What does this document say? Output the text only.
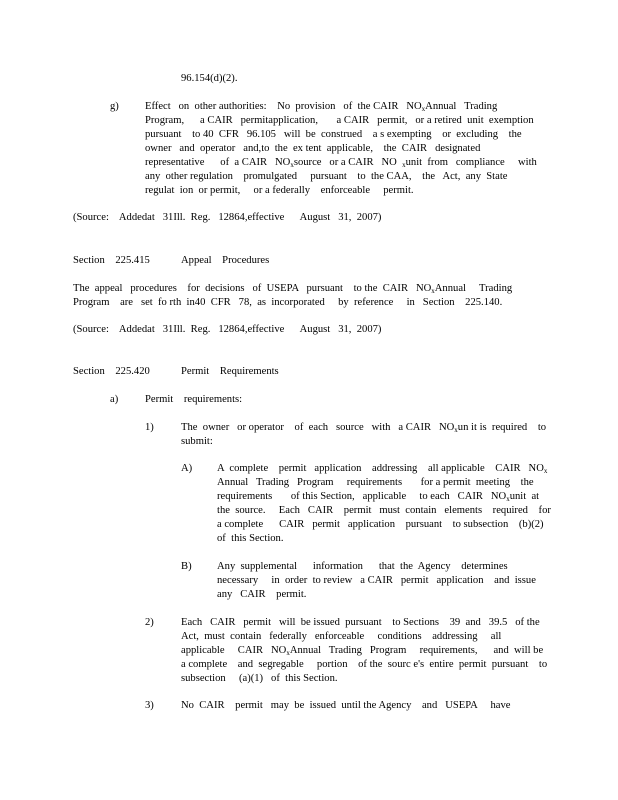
96.154(d)(2).
g) Effect   on  other authorities:    No  provision   of  the CAIR   $NO_xAnnual$   Trading
Program,      a CAIR   permitapplication,       a CAIR   permit,   or a retired  unit  exemption
pursuant    to 40  CFR   96.105   will  be  construed    a s exempting    or  excluding    the
owner   and  operator   and,to  the  ex tent  applicable,    the  CAIR   designated
representative      of  a CAIR   $NO_xsource$   or a CAIR   NO  $_x$unit  from   compliance     with
any  other regulation    promulgated     pursuant    to  the CAA,    the   Act,  any  State
regulat  ion  or permit,     or a federally    enforceable     permit.
(Source:    Addedat   31Ill.  Reg.   12864,effective      August   31,  2007)
Section    225.415	Appeal    Procedures
The  appeal   procedures    for  decisions   of  USEPA   pursuant    to the  CAIR   $NO_xAnnual$     Trading
Program    are   set  fo rth  in40  CFR   78,  as  incorporated     by  reference     in   Section    225.140.
(Source:    Addedat   31Ill.  Reg.   12864,effective      August   31,  2007)
Section    225.420	Permit    Requirements
a)	Permit    requirements:
1)	The  owner   or operator    of  each   source   with   a CAIR   $NO_xun$ it is  required    to
submit:
A) A  complete    permit   application    addressing    all applicable    CAIR   $NO_x$
Annual   Trading   Program     requirements       for a permit  meeting    the
requirements       of this Section,   applicable     to each   CAIR   $NO_xunit$  at
the  source.     Each   CAIR    permit   must  contain   elements    required    for
a complete      CAIR   permit   application    pursuant    to subsection    (b)(2)
of  this Section.
B) Any  supplemental      information      that  the  Agency    determines
necessary     in  order  to review   a CAIR   permit   application    and  issue
any   CAIR    permit.
2)	Each   CAIR   permit   will  be issued  pursuant    to Sections    39  and   39.5   of the
Act,  must  contain   federally   enforceable     conditions    addressing     all
applicable     CAIR   $NO_xAnnual$   Trading   Program     requirements,      and  will be
a complete    and  segregable     portion    of the  sourc e's  entire  permit  pursuant    to
subsection     (a)(1)   of  this Section.
3)	No  CAIR    permit   may  be  issued  until the Agency    and   USEPA     have
